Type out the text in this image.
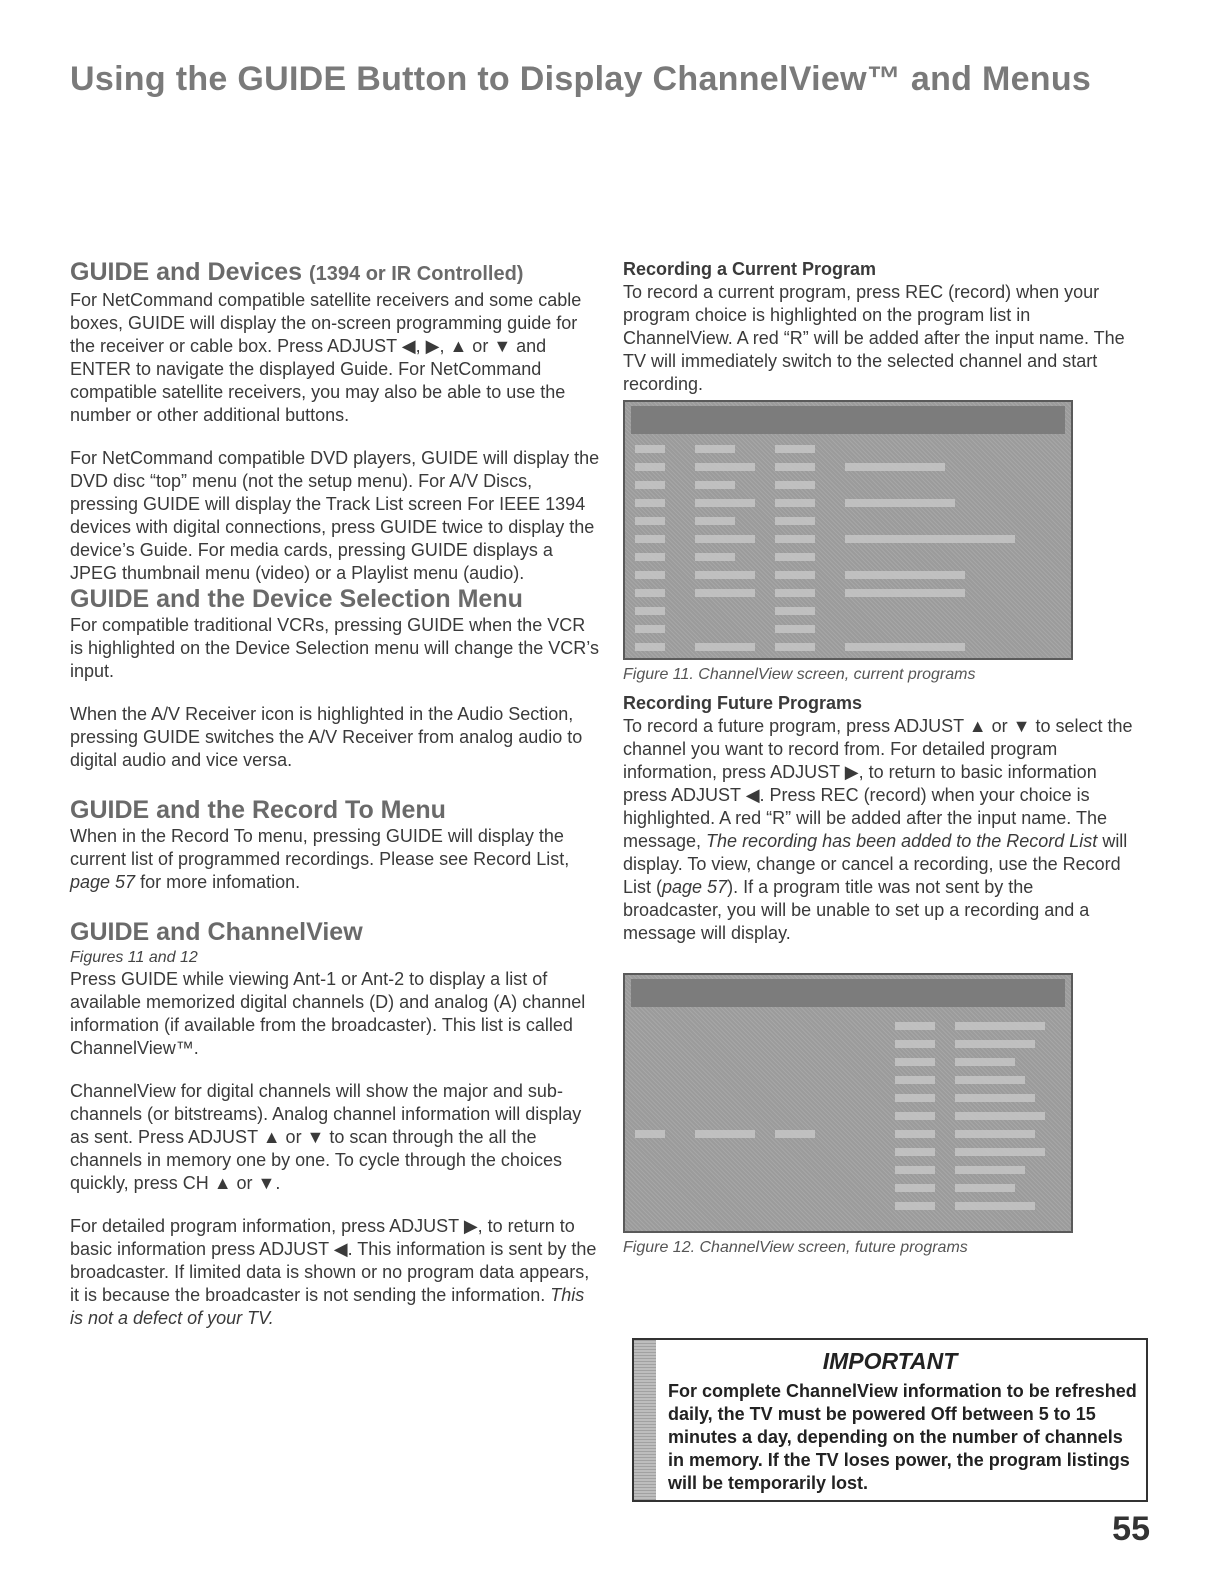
Using the GUIDE Button to Display ChannelView™ and Menus
GUIDE and Devices (1394 or IR Controlled)

For NetCommand compatible satellite receivers and some cable boxes, GUIDE will display the on-screen programming guide for the receiver or cable box. Press ADJUST ◀, ▶, ▲ or ▼ and ENTER to navigate the displayed Guide. For NetCommand compatible satellite receivers, you may also be able to use the number or other additional buttons.

For NetCommand compatible DVD players, GUIDE will display the DVD disc “top” menu (not the setup menu). For A/V Discs, pressing GUIDE will display the Track List screen For IEEE 1394 devices with digital connections, press GUIDE twice to display the device’s Guide. For media cards, pressing GUIDE displays a JPEG thumbnail menu (video) or a Playlist menu (audio).

GUIDE and the Device Selection Menu

For compatible traditional VCRs, pressing GUIDE when the VCR is highlighted on the Device Selection menu will change the VCR’s input.

When the A/V Receiver icon is highlighted in the Audio Section, pressing GUIDE switches the A/V Receiver from analog audio to digital audio and vice versa.

GUIDE and the Record To Menu

When in the Record To menu, pressing GUIDE will display the current list of programmed recordings. Please see Record List, page 57 for more infomation.

GUIDE and ChannelView
Figures 11 and 12

Press GUIDE while viewing Ant-1 or Ant-2 to display a list of available memorized digital channels (D) and analog (A) channel information (if available from the broadcaster). This list is called ChannelView™.

ChannelView for digital channels will show the major and sub-channels (or bitstreams). Analog channel information will display as sent. Press ADJUST ▲ or ▼ to scan through the all the channels in memory one by one. To cycle through the choices quickly, press CH ▲ or ▼.

For detailed program information, press ADJUST ▶, to return to basic information press ADJUST ◀. This information is sent by the broadcaster. If limited data is shown or no program data appears, it is because the broadcaster is not sending the information. This is not a defect of your TV.

Recording a Current Program

To record a current program, press REC (record) when your program choice is highlighted on the program list in ChannelView. A red “R” will be added after the input name. The TV will immediately switch to the selected channel and start recording.

Figure 11. ChannelView screen, current programs
Recording Future Programs

To record a future program, press ADJUST ▲ or ▼ to select the channel you want to record from. For detailed program information, press ADJUST ▶, to return to basic information press ADJUST ◀. Press REC (record) when your choice is highlighted. A red “R” will be added after the input name. The message, The recording has been added to the Record List will display. To view, change or cancel a recording, use the Record List (page 57). If a program title was not sent by the broadcaster, you will be unable to set up a recording and a message will display.

Figure 12. ChannelView screen, future programs
IMPORTANT
For complete ChannelView information to be refreshed daily, the TV must be powered Off between 5 to 15 minutes a day, depending on the number of channels in memory. If the TV loses power, the program listings will be temporarily lost.
55
